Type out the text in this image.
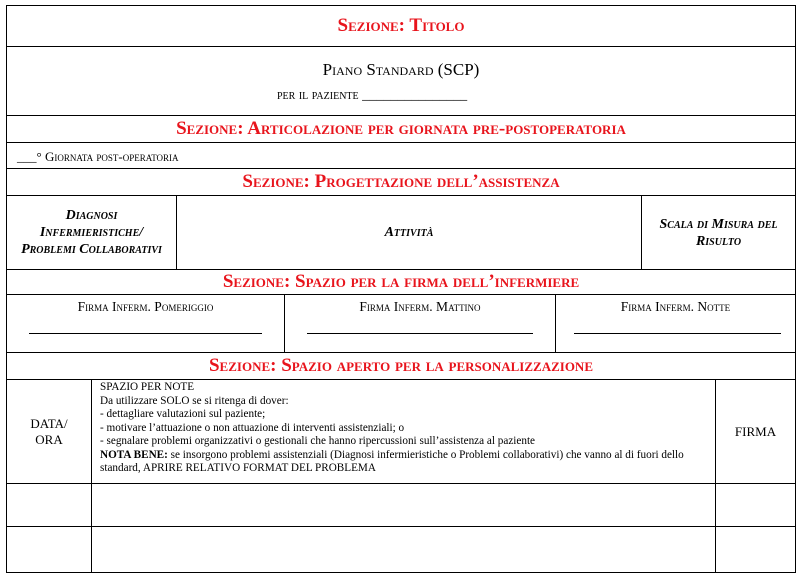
Sezione: Titolo
Piano Standard (SCP)
per il paziente _______________
Sezione: Articolazione per giornata pre-postoperatoria
___° Giornata post-operatoria
Sezione: Progettazione dell’assistenza
Diagnosi Infermieristiche/ Problemi Collaborativi
Attività
Scala di Misura del Risulto
Sezione: Spazio per la firma dell’infermiere
Firma Inferm. Pomeriggio	Firma Inferm. Mattino	Firma Inferm. Notte
Sezione: Spazio aperto per la personalizzazione
DATA/ ORA
SPAZIO PER NOTE
Da utilizzare SOLO se si ritenga di dover:
- dettagliare valutazioni sul paziente;
- motivare l’attuazione o non attuazione di interventi assistenziali; o
- segnalare problemi organizzativi o gestionali che hanno ripercussioni sull’assistenza al paziente
NOTA BENE: se insorgono problemi assistenziali (Diagnosi infermieristiche o Problemi collaborativi) che vanno al di fuori dello standard, APRIRE RELATIVO FORMAT DEL PROBLEMA
FIRMA
